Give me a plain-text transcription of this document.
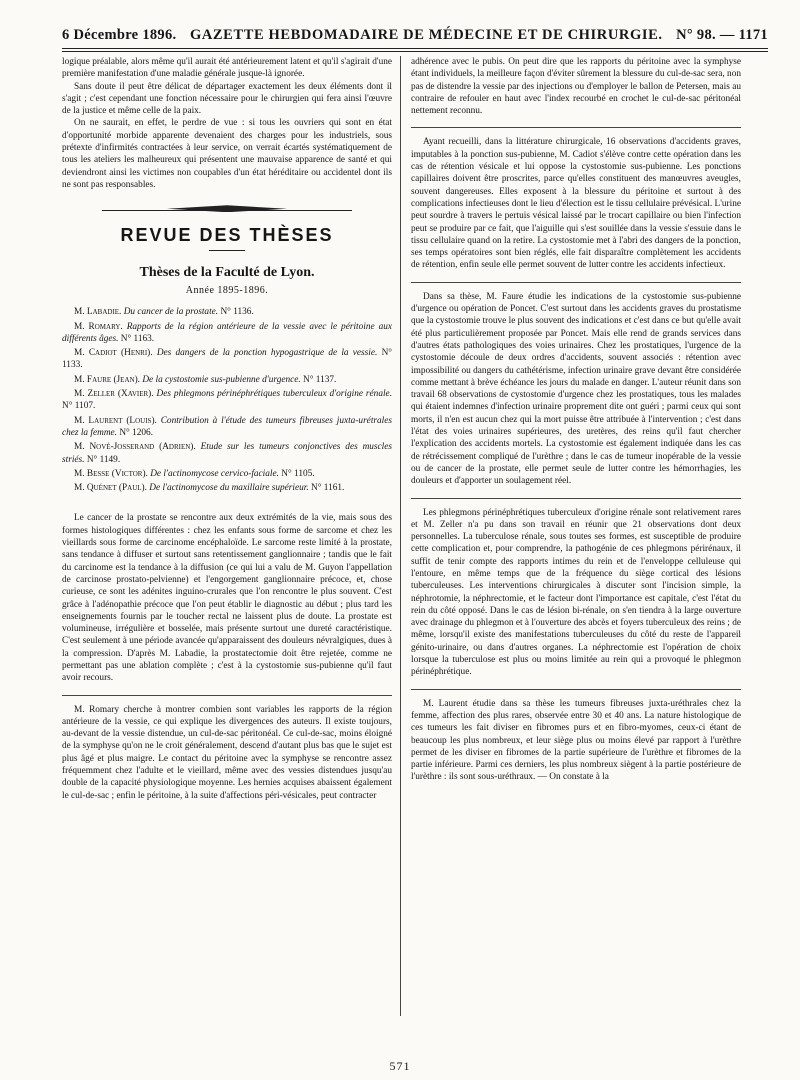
6 Décembre 1896. GAZETTE HEBDOMADAIRE DE MÉDECINE ET DE CHIRURGIE. N° 98. — 1171

logique préalable, alors même qu'il aurait été antérieurement latent et qu'il s'agirait d'une première manifestation d'une maladie générale jusque-là ignorée.

Sans doute il peut être délicat de départager exactement les deux éléments dont il s'agit ; c'est cependant une fonction nécessaire pour le chirurgien qui fera ainsi l'œuvre de la justice et même celle de la paix.

On ne saurait, en effet, le perdre de vue : si tous les ouvriers qui sont en état d'opportunité morbide apparente devenaient des charges pour les industriels, sous prétexte d'infirmités contractées à leur service, on verrait écartés systématiquement de tous les ateliers les malheureux qui présentent une mauvaise apparence de santé et qui deviendront ainsi les victimes non coupables d'un état héréditaire ou accidentel dont ils ne sont pas responsables.

REVUE DES THÈSES
Thèses de la Faculté de Lyon.
Année 1895-1896.
M. Labadie. Du cancer de la prostate. N° 1136.
M. Romary. Rapports de la région antérieure de la vessie avec le péritoine aux différents âges. N° 1163.
M. Cadiot (Henri). Des dangers de la ponction hypogastrique de la vessie. N° 1133.
M. Faure (Jean). De la cystostomie sus-pubienne d'urgence. N° 1137.
M. Zeller (Xavier). Des phlegmons périnéphrétiques tuberculeux d'origine rénale. N° 1107.
M. Laurent (Louis). Contribution à l'étude des tumeurs fibreuses juxta-urétrales chez la femme. N° 1206.
M. Nové-Josserand (Adrien). Etude sur les tumeurs conjonctives des muscles striés. N° 1149.
M. Besse (Victor). De l'actinomycose cervico-faciale. N° 1105.
M. Quénet (Paul). De l'actinomycose du maxillaire supérieur. N° 1161.

Le cancer de la prostate se rencontre aux deux extrémités de la vie, mais sous des formes histologiques différentes : chez les enfants sous forme de sarcome et chez les vieillards sous forme de carcinome encéphaloïde. Le sarcome reste limité à la prostate, sans tendance à diffuser et surtout sans retentissement ganglionnaire ; tandis que le fait du carcinome est la tendance à la diffusion (ce qui lui a valu de M. Guyon l'appellation de carcinose prostato-pelvienne) et l'engorgement ganglionnaire précoce, et, chose curieuse, ce sont les adénites inguino-crurales que l'on rencontre le plus souvent. C'est grâce à l'adénopathie précoce que l'on peut établir le diagnostic au début ; plus tard les enseignements fournis par le toucher rectal ne laissent plus de doute. La prostate est volumineuse, irrégulière et bosselée, mais présente surtout une dureté caractéristique. C'est seulement à une période avancée qu'apparaissent des douleurs névralgiques, dues à la compression. D'après M. Labadie, la prostatectomie doit être rejetée, comme ne permettant pas une ablation complète ; c'est à la cystostomie sus-pubienne qu'il faut avoir recours.

M. Romary cherche à montrer combien sont variables les rapports de la région antérieure de la vessie, ce qui explique les divergences des auteurs. Il existe toujours, au-devant de la vessie distendue, un cul-de-sac péritonéal. Ce cul-de-sac, moins éloigné de la symphyse qu'on ne le croit généralement, descend d'autant plus bas que le sujet est plus âgé et plus maigre. Le contact du péritoine avec la symphyse se rencontre assez fréquemment chez l'adulte et le vieillard, même avec des vessies distendues jusqu'au double de la capacité physiologique moyenne. Les hernies acquises abaissent également le cul-de-sac ; enfin le péritoine, à la suite d'affections péri-vésicales, peut contracter

adhérence avec le pubis. On peut dire que les rapports du péritoine avec la symphyse étant individuels, la meilleure façon d'éviter sûrement la blessure du cul-de-sac sera, non pas de distendre la vessie par des injections ou d'employer le ballon de Petersen, mais au contraire de refouler en haut avec l'index recourbé en crochet le cul-de-sac péritonéal nettement reconnu.

Ayant recueilli, dans la littérature chirurgicale, 16 observations d'accidents graves, imputables à la ponction sus-pubienne, M. Cadiot s'élève contre cette opération dans les cas de rétention vésicale et lui oppose la cystostomie sus-pubienne. Les ponctions capillaires doivent être proscrites, parce qu'elles constituent des manœuvres aveugles, souvent dangereuses. Elles exposent à la blessure du péritoine et surtout à des complications infectieuses dont le lieu d'élection est le tissu cellulaire prévésical. L'urine peut sourdre à travers le pertuis vésical laissé par le trocart capillaire ou bien l'infection peut se produire par ce fait, que l'aiguille qui s'est souillée dans la vessie s'essuie dans le tissu cellulaire quand on la retire. La cystostomie met à l'abri des dangers de la ponction, ses temps opératoires sont bien réglés, elle fait disparaître complètement les accidents de rétention, enfin seule elle permet souvent de lutter contre les accidents infectieux.

Dans sa thèse, M. Faure étudie les indications de la cystostomie sus-pubienne d'urgence ou opération de Poncet. C'est surtout dans les accidents graves du prostatisme que la cystostomie trouve le plus souvent des indications et c'est dans ce but qu'elle avait été plus particulièrement proposée par Poncet. Mais elle rend de grands services dans d'autres états pathologiques des voies urinaires. Chez les prostatiques, l'urgence de la cystostomie découle de deux ordres d'accidents, souvent associés : rétention avec impossibilité ou dangers du cathétérisme, infection urinaire grave devant être considérée comme mettant à brève échéance les jours du malade en danger. L'auteur réunit dans son travail 68 observations de cystostomie d'urgence chez les prostatiques, tous les malades qui étaient indemnes d'infection urinaire proprement dite ont guéri ; parmi ceux qui sont morts, il n'en est aucun chez qui la mort puisse être attribuée à l'intervention ; c'est dans l'état des voies urinaires supérieures, des uretères, des reins qu'il faut chercher l'explication des accidents mortels. La cystostomie est également indiquée dans les cas de rétrécissement compliqué de l'urèthre ; dans le cas de tumeur inopérable de la vessie ou de cancer de la prostate, elle permet seule de lutter contre les hémorrhagies, les douleurs et d'apporter un soulagement réel.

Les phlegmons périnéphrétiques tuberculeux d'origine rénale sont relativement rares et M. Zeller n'a pu dans son travail en réunir que 21 observations dont deux personnelles. La tuberculose rénale, sous toutes ses formes, est susceptible de produire cette complication et, pour comprendre, la pathogénie de ces phlegmons périrénaux, il suffit de tenir compte des rapports intimes du rein et de l'enveloppe celluleuse qui l'entoure, en même temps que de la fréquence du siège cortical des lésions tuberculeuses. Les interventions chirurgicales à discuter sont l'incision simple, la néphrotomie, la néphrectomie, et le facteur dont l'importance est capitale, c'est l'état du rein du côté opposé. Dans le cas de lésion bi-rénale, on s'en tiendra à la large ouverture avec drainage du phlegmon et à l'ouverture des abcès et foyers tuberculeux des reins ; de même, lorsqu'il existe des manifestations tuberculeuses du côté du reste de l'appareil génito-urinaire, ou dans d'autres organes. La néphrectomie est l'opération de choix lorsque la tuberculose est plus ou moins limitée au rein qui a provoqué le phlegmon périnéphrétique.

M. Laurent étudie dans sa thèse les tumeurs fibreuses juxta-uréthrales chez la femme, affection des plus rares, observée entre 30 et 40 ans. La nature histologique de ces tumeurs les fait diviser en fibromes purs et en fibro-myomes, ceux-ci étant de beaucoup les plus nombreux, et leur siège plus ou moins élevé par rapport à l'urèthre permet de les diviser en fibromes de la partie supérieure de l'urèthre et fibromes de la partie inférieure. Parmi ces derniers, les plus nombreux siègent à la partie postérieure de l'urèthre : ils sont sous-uréthraux. — On constate à la

571
